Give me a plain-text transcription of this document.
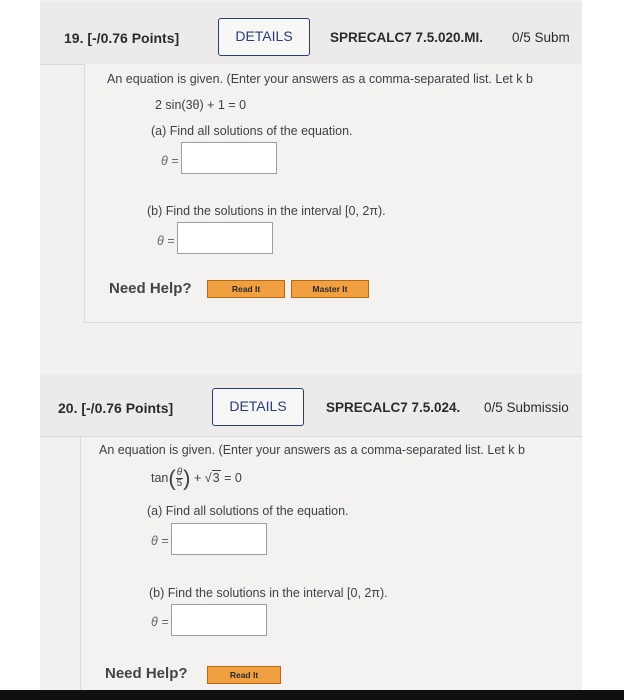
19. [-/0.76 Points]	DETAILS	SPRECALC7 7.5.020.MI. 0/5 Subm
An equation is given. (Enter your answers as a comma-separated list. Let k b
2 sin(3θ) + 1 = 0
(a) Find all solutions of the equation.
θ =
(b) Find the solutions in the interval [0, 2π).
θ =
Need Help?	Read It	Master It
20. [-/0.76 Points]	DETAILS	SPRECALC7 7.5.024. 0/5 Submissio
An equation is given. (Enter your answers as a comma-separated list. Let k b
$\tan( \frac{\theta}{5}$ ) + √3 = 0
(a) Find all solutions of the equation.
θ =
(b) Find the solutions in the interval [0, 2π).
θ =
Need Help?	Read It
